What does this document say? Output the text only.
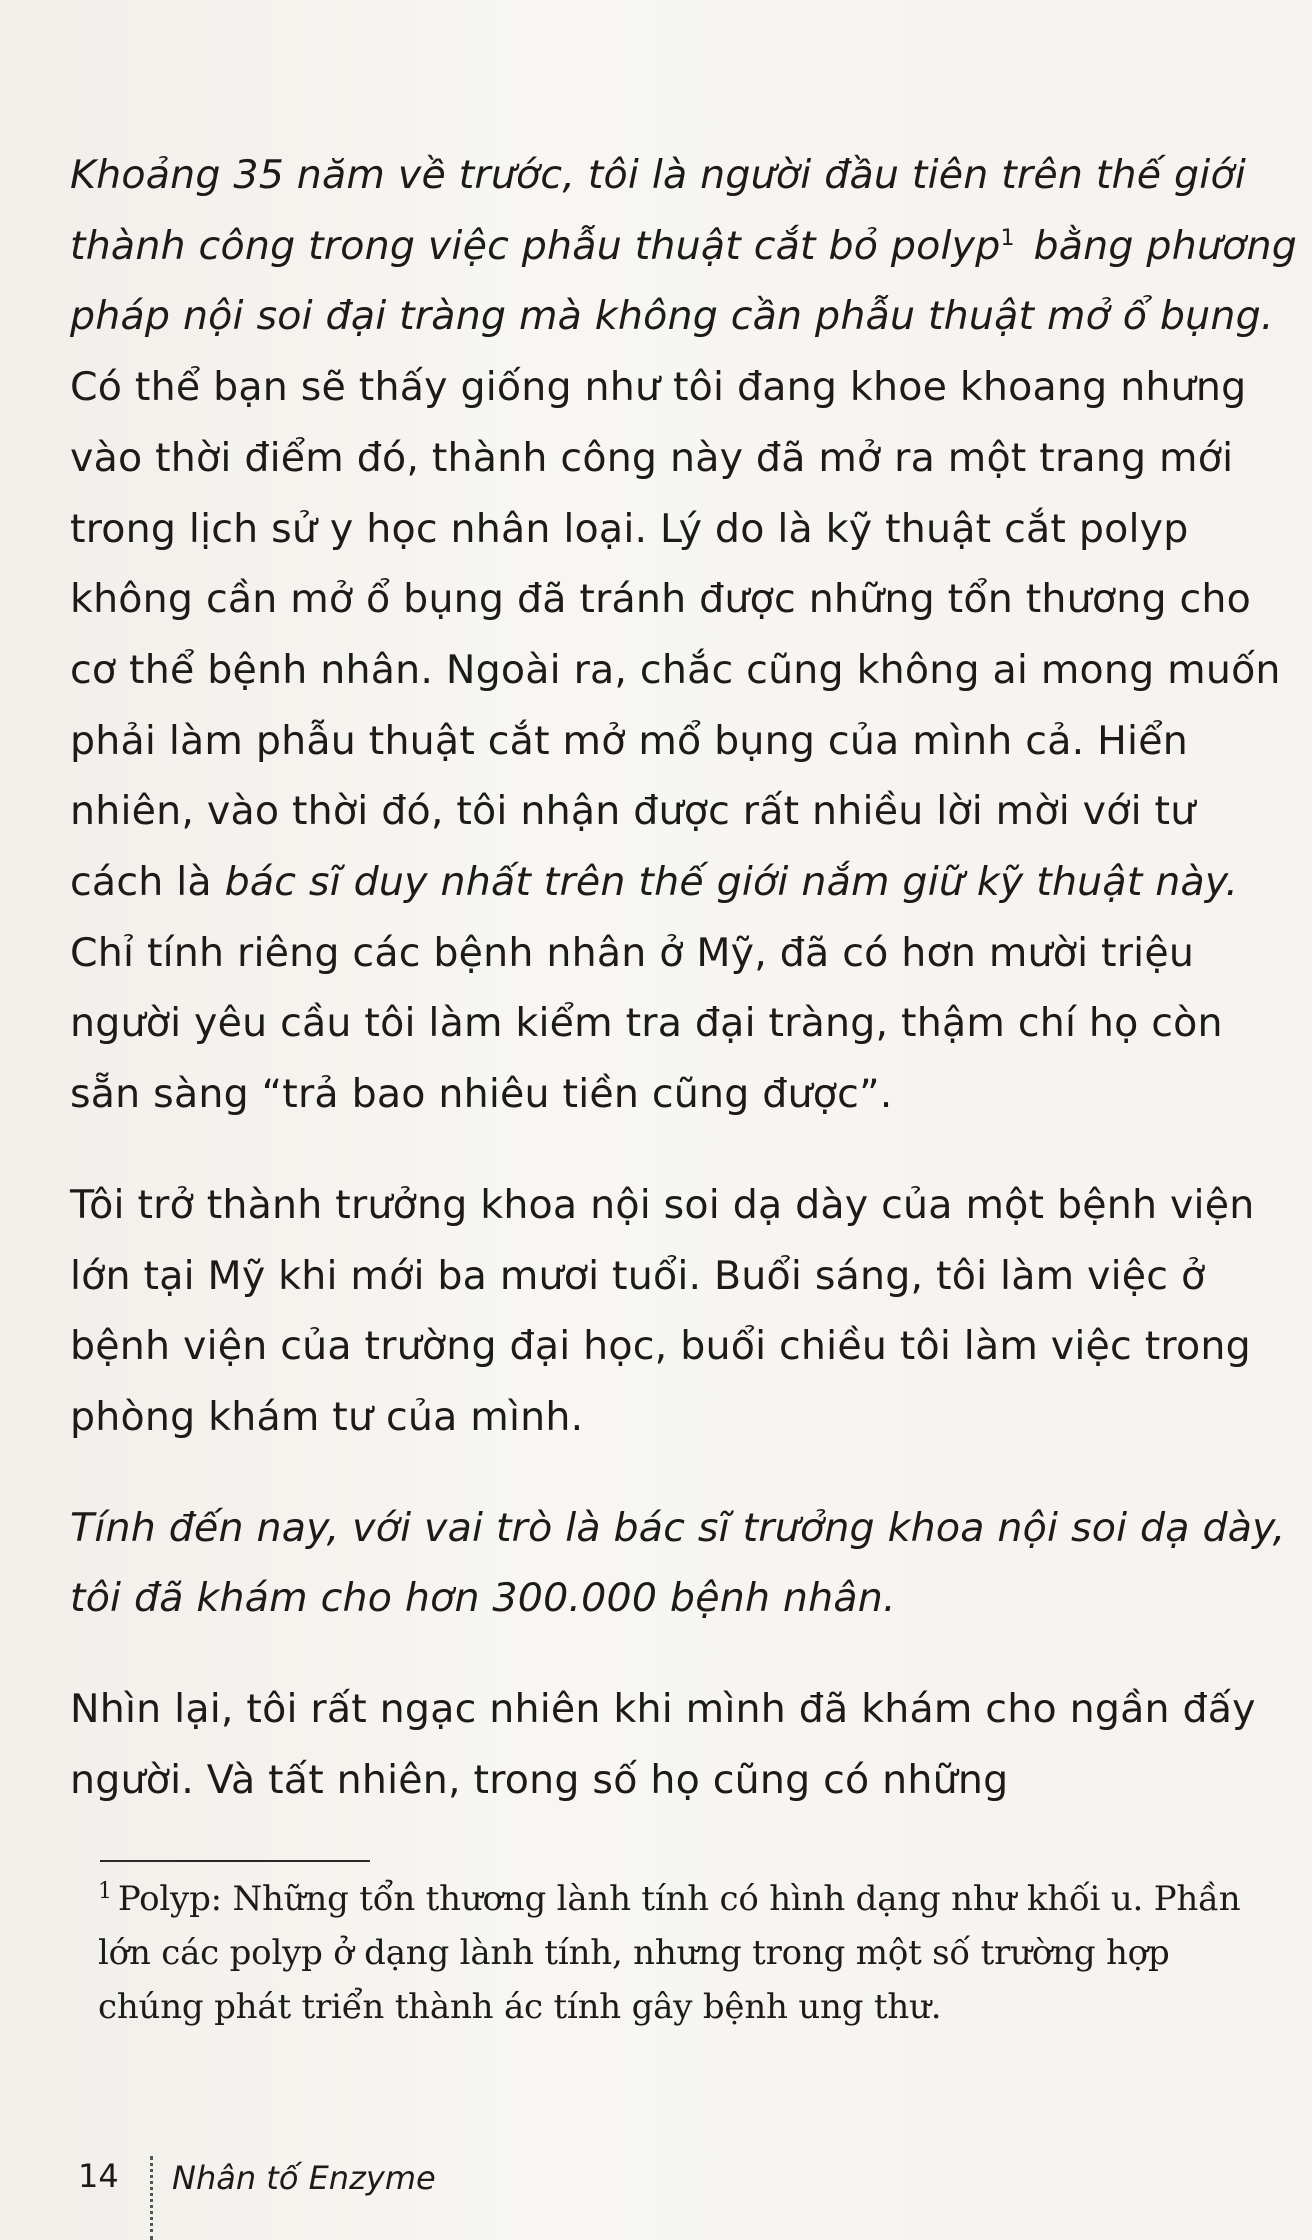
Khoảng 35 năm về trước, tôi là người đầu tiên trên thế giới thành công trong việc phẫu thuật cắt bỏ polyp$^1$ bằng phương pháp nội soi đại tràng mà không cần phẫu thuật mở ổ bụng. Có thể bạn sẽ thấy giống như tôi đang khoe khoang nhưng vào thời điểm đó, thành công này đã mở ra một trang mới trong lịch sử y học nhân loại. Lý do là kỹ thuật cắt polyp không cần mở ổ bụng đã tránh được những tổn thương cho cơ thể bệnh nhân. Ngoài ra, chắc cũng không ai mong muốn phải làm phẫu thuật cắt mở mổ bụng của mình cả. Hiển nhiên, vào thời đó, tôi nhận được rất nhiều lời mời với tư cách là bác sĩ duy nhất trên thế giới nắm giữ kỹ thuật này. Chỉ tính riêng các bệnh nhân ở Mỹ, đã có hơn mười triệu người yêu cầu tôi làm kiểm tra đại tràng, thậm chí họ còn sẵn sàng “trả bao nhiêu tiền cũng được”.

Tôi trở thành trưởng khoa nội soi dạ dày của một bệnh viện lớn tại Mỹ khi mới ba mươi tuổi. Buổi sáng, tôi làm việc ở bệnh viện của trường đại học, buổi chiều tôi làm việc trong phòng khám tư của mình.

Tính đến nay, với vai trò là bác sĩ trưởng khoa nội soi dạ dày, tôi đã khám cho hơn 300.000 bệnh nhân.

Nhìn lại, tôi rất ngạc nhiên khi mình đã khám cho ngần đấy người. Và tất nhiên, trong số họ cũng có những

$^1$ Polyp: Những tổn thương lành tính có hình dạng như khối u. Phần lớn các polyp ở dạng lành tính, nhưng trong một số trường hợp chúng phát triển thành ác tính gây bệnh ung thư.

14 Nhân tố Enzyme
